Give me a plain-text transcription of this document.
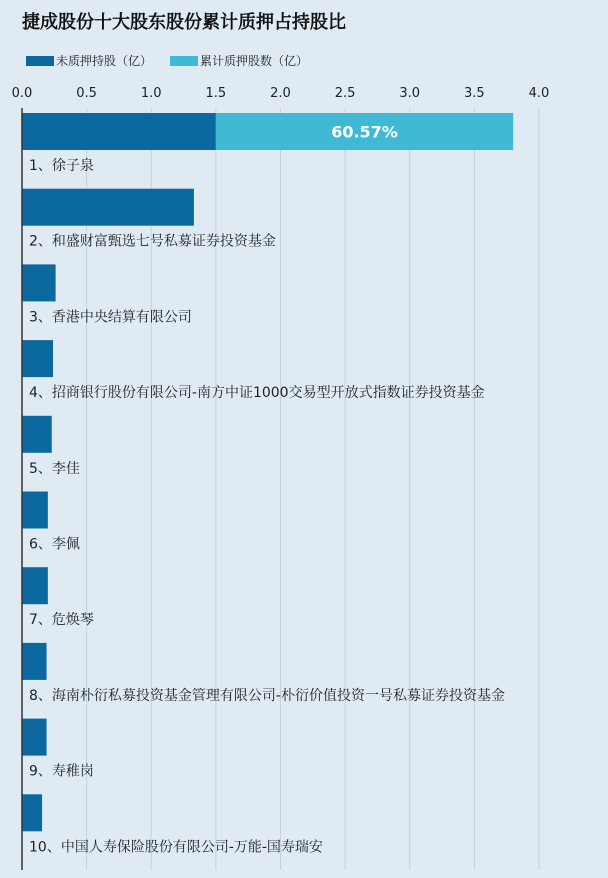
捷成股份十大股东股份累计质押占持股比
未质押持股（亿）	累计质押股数（亿）
0.0	0.5	1.0	1.5	2.0	2.5	3.0	3.5	4.0
60.57%
1、徐子泉
2、和盛财富甄选七号私募证券投资基金
3、香港中央结算有限公司
4、招商银行股份有限公司-南方中证1000交易型开放式指数证券投资基金
5、李佳
6、李佩
7、危焕琴
8、海南朴衍私募投资基金管理有限公司-朴衍价值投资一号私募证券投资基金
9、寿稚岗
10、中国人寿保险股份有限公司-万能-国寿瑞安
